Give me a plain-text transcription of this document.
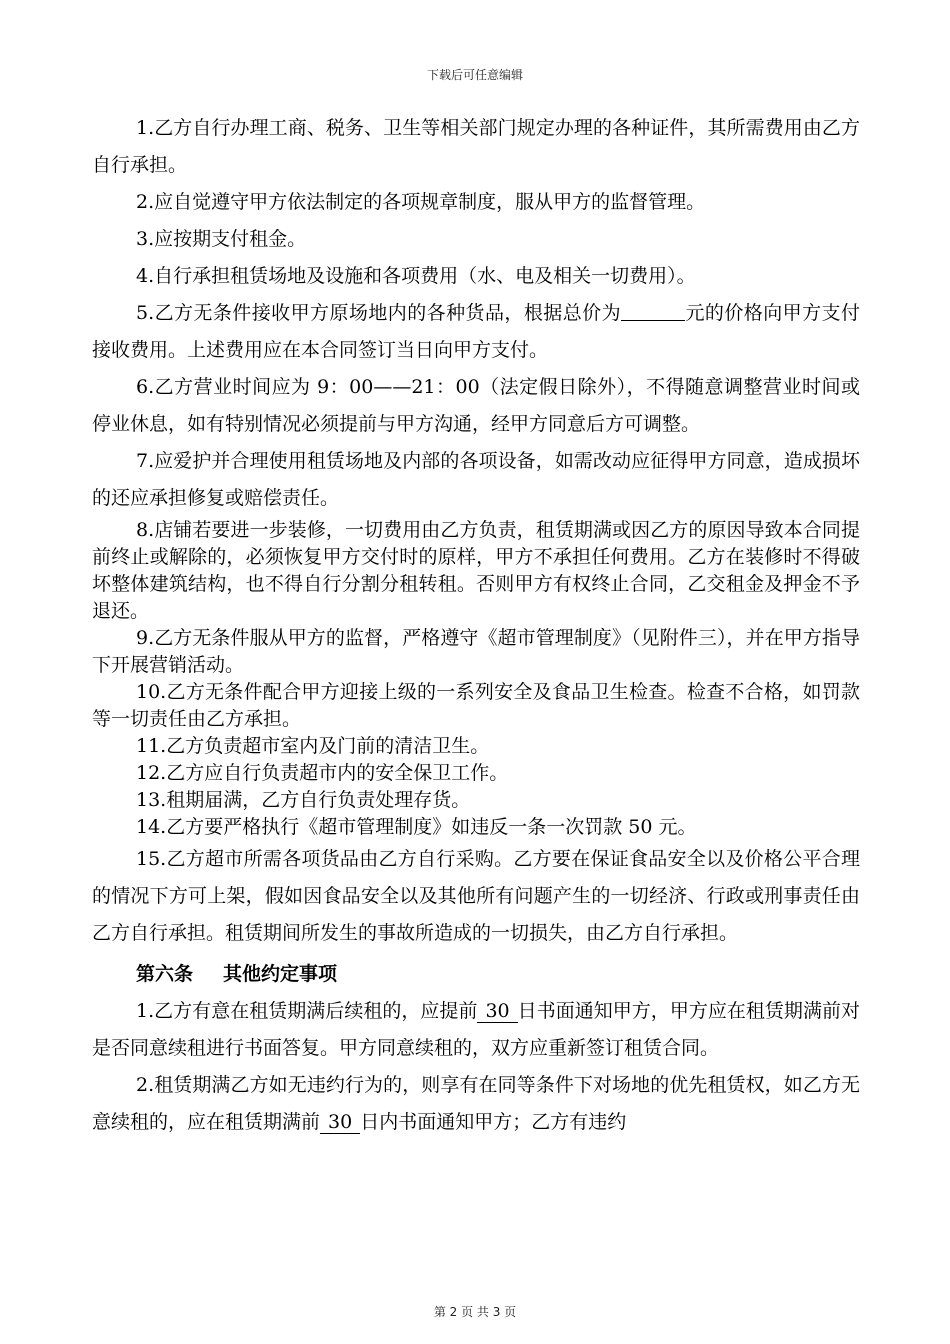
下载后可任意编辑

1.乙方自行办理工商、税务、卫生等相关部门规定办理的各种证件，其所需费用由乙方自行承担。

2.应自觉遵守甲方依法制定的各项规章制度，服从甲方的监督管理。

3.应按期支付租金。

4.自行承担租赁场地及设施和各项费用（水、电及相关一切费用）。

5.乙方无条件接收甲方原场地内的各种货品，根据总价为	元的价格向甲方支付接收费用。上述费用应在本合同签订当日向甲方支付。

6.乙方营业时间应为 9：00——21：00（法定假日除外），不得随意调整营业时间或停业休息，如有特别情况必须提前与甲方沟通，经甲方同意后方可调整。

7.应爱护并合理使用租赁场地及内部的各项设备，如需改动应征得甲方同意，造成损坏的还应承担修复或赔偿责任。

8.店铺若要进一步装修，一切费用由乙方负责，租赁期满或因乙方的原因导致本合同提前终止或解除的，必须恢复甲方交付时的原样，甲方不承担任何费用。乙方在装修时不得破坏整体建筑结构，也不得自行分割分租转租。否则甲方有权终止合同，乙交租金及押金不予退还。

9.乙方无条件服从甲方的监督，严格遵守《超市管理制度》（见附件三），并在甲方指导下开展营销活动。

10.乙方无条件配合甲方迎接上级的一系列安全及食品卫生检查。检查不合格，如罚款等一切责任由乙方承担。

11.乙方负责超市室内及门前的清洁卫生。

12.乙方应自行负责超市内的安全保卫工作。

13.租期届满，乙方自行负责处理存货。

14.乙方要严格执行《超市管理制度》如违反一条一次罚款 50 元。

15.乙方超市所需各项货品由乙方自行采购。乙方要在保证食品安全以及价格公平合理的情况下方可上架，假如因食品安全以及其他所有问题产生的一切经济、行政或刑事责任由乙方自行承担。租赁期间所发生的事故所造成的一切损失，由乙方自行承担。

第六条 其他约定事项

1.乙方有意在租赁期满后续租的，应提前 30 日书面通知甲方，甲方应在租赁期满前对是否同意续租进行书面答复。甲方同意续租的，双方应重新签订租赁合同。

2.租赁期满乙方如无违约行为的，则享有在同等条件下对场地的优先租赁权，如乙方无意续租的，应在租赁期满前 30 日内书面通知甲方；乙方有违约

第 2 页 共 3 页
